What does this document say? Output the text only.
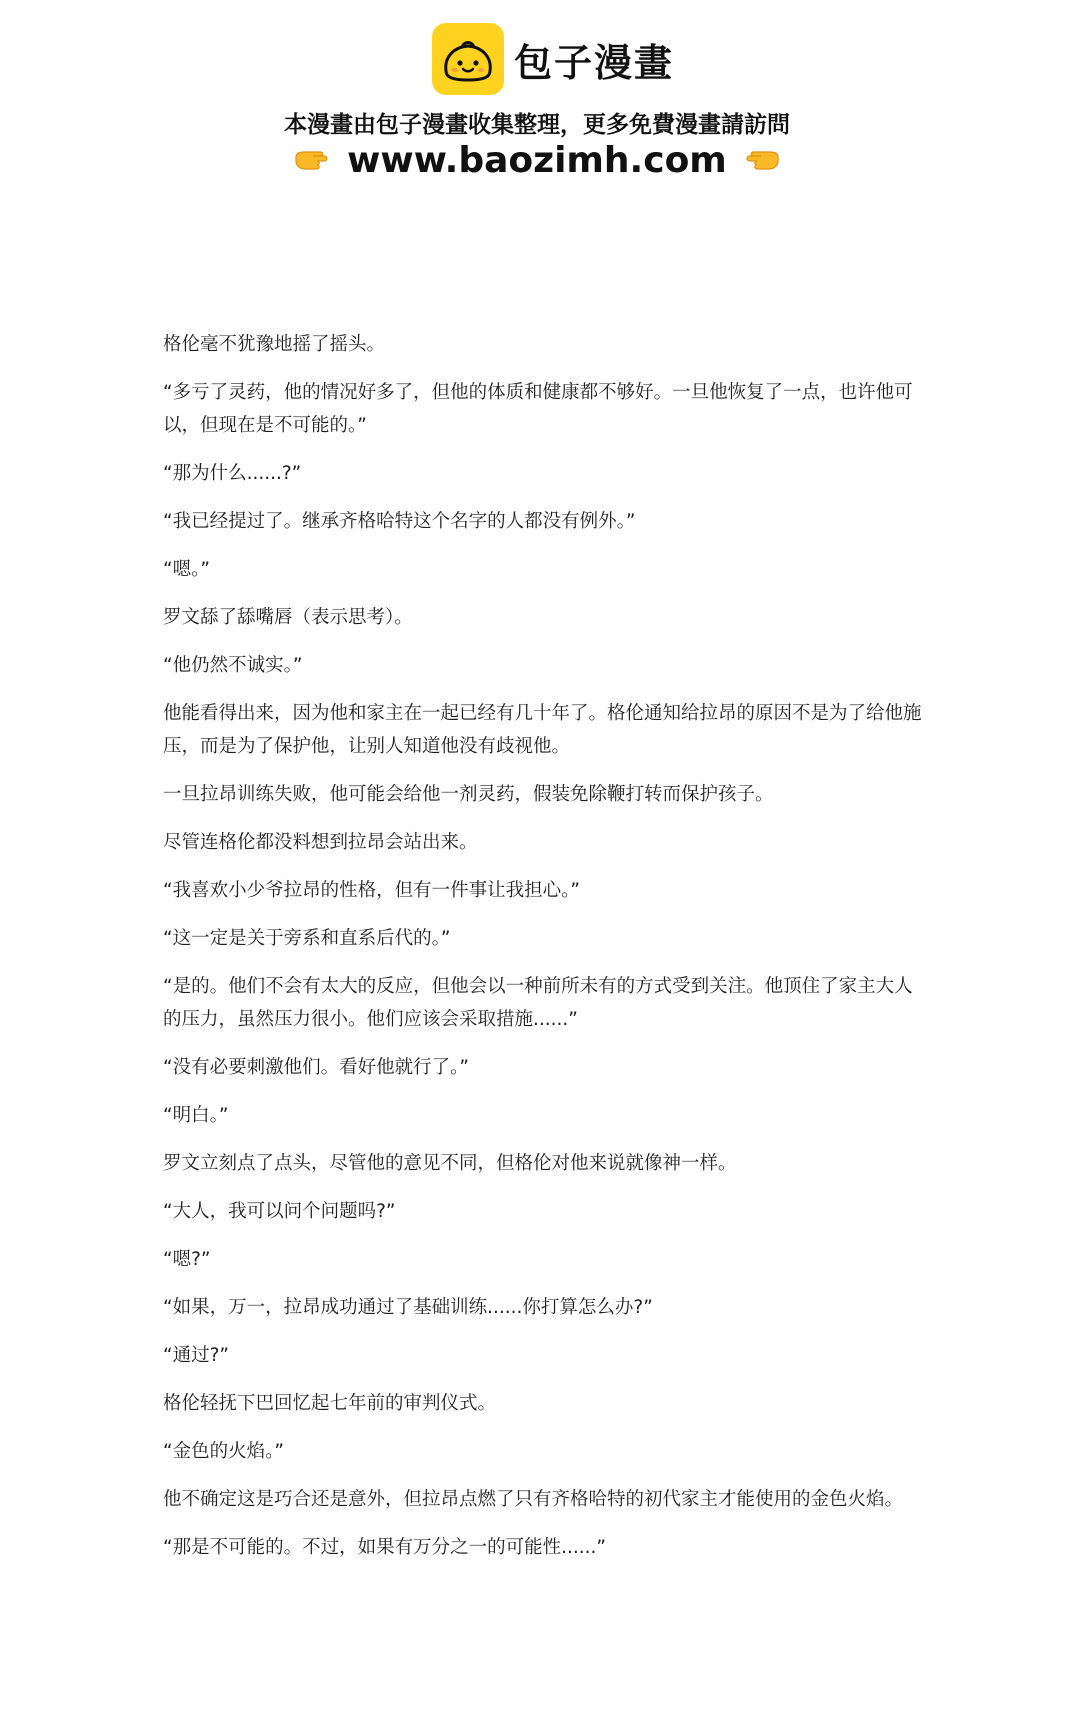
包子漫畫
本漫畫由包子漫畫收集整理，更多免費漫畫請訪問
www.baozimh.com

格伦毫不犹豫地摇了摇头。

“多亏了灵药，他的情况好多了，但他的体质和健康都不够好。一旦他恢复了一点，也许他可以，但现在是不可能的。”

“那为什么......?”

“我已经提过了。继承齐格哈特这个名字的人都没有例外。”

“嗯。”

罗文舔了舔嘴唇（表示思考）。

“他仍然不诚实。”

他能看得出来，因为他和家主在一起已经有几十年了。格伦通知给拉昂的原因不是为了给他施压，而是为了保护他，让别人知道他没有歧视他。

一旦拉昂训练失败，他可能会给他一剂灵药，假装免除鞭打转而保护孩子。

尽管连格伦都没料想到拉昂会站出来。

“我喜欢小少爷拉昂的性格，但有一件事让我担心。”

“这一定是关于旁系和直系后代的。”

“是的。他们不会有太大的反应，但他会以一种前所未有的方式受到关注。他顶住了家主大人的压力，虽然压力很小。他们应该会采取措施......”

“没有必要刺激他们。看好他就行了。”

“明白。”

罗文立刻点了点头，尽管他的意见不同，但格伦对他来说就像神一样。

“大人，我可以问个问题吗?”

“嗯?”

“如果，万一，拉昂成功通过了基础训练......你打算怎么办?”

“通过?”

格伦轻抚下巴回忆起七年前的审判仪式。

“金色的火焰。”

他不确定这是巧合还是意外，但拉昂点燃了只有齐格哈特的初代家主才能使用的金色火焰。

“那是不可能的。不过，如果有万分之一的可能性......”
